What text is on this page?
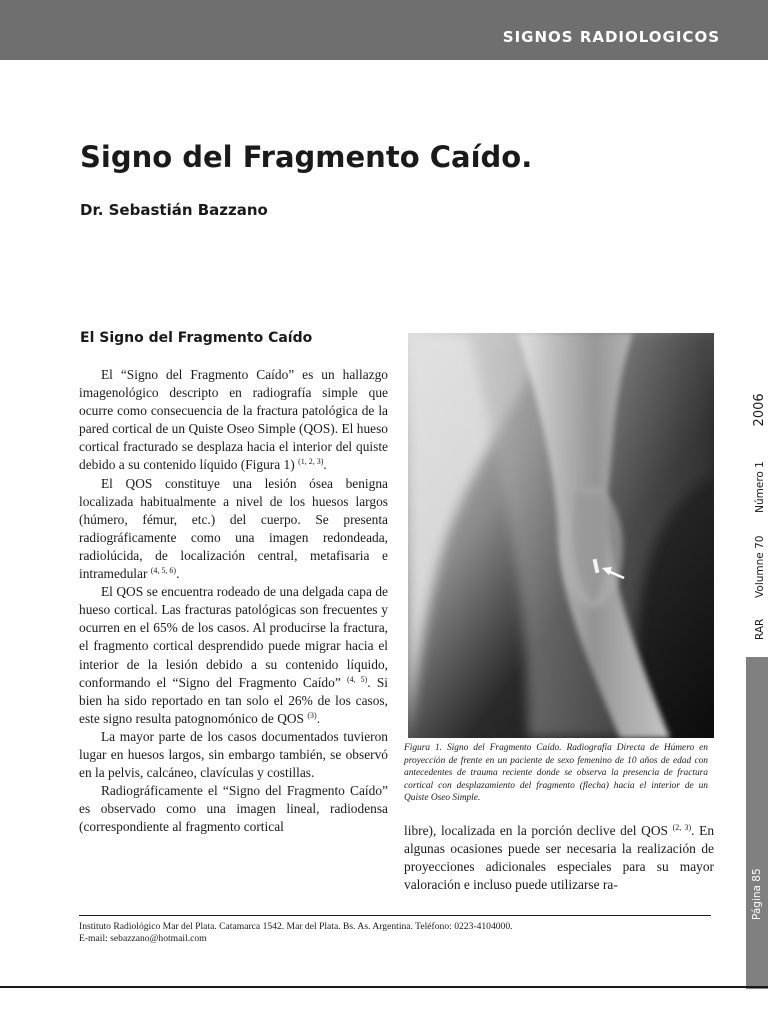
SIGNOS RADIOLOGICOS
Signo del Fragmento Caído.
Dr. Sebastián Bazzano
El Signo del Fragmento Caído

El “Signo del Fragmento Caído” es un hallazgo imagenológico descripto en radiografía simple que ocurre como consecuencia de la fractura patológica de la pared cortical de un Quiste Oseo Simple (QOS). El hueso cortical fracturado se desplaza hacia el interior del quiste debido a su contenido líquido (Figura 1) $^{(1, 2, 3)}$.

El QOS constituye una lesión ósea benigna localizada habitualmente a nivel de los huesos largos (húmero, fémur, etc.) del cuerpo. Se presenta radiográficamente como una imagen redondeada, radiolúcida, de localización central, metafisaria e intramedular $^{(4, 5, 6)}$.

El QOS se encuentra rodeado de una delgada capa de hueso cortical. Las fracturas patológicas son frecuentes y ocurren en el 65% de los casos. Al producirse la fractura, el fragmento cortical desprendido puede migrar hacia el interior de la lesión debido a su contenido líquido, conformando el “Signo del Fragmento Caído” $^{(4, 5)}$. Si bien ha sido reportado en tan solo el 26% de los casos, este signo resulta patognomónico de QOS $^{(3)}$.

La mayor parte de los casos documentados tuvieron lugar en huesos largos, sin embargo también, se observó en la pelvis, calcáneo, clavículas y costillas.

Radiográficamente el “Signo del Fragmento Caído” es observado como una imagen lineal, radiodensa (correspondiente al fragmento cortical

Figura 1. Signo del Fragmento Caído. Radiografía Directa de Húmero en proyección de frente en un paciente de sexo femenino de 10 años de edad con antecedentes de trauma reciente donde se observa la presencia de fractura cortical con desplazamiento del fragmento (flecha) hacia el interior de un Quiste Oseo Simple.

libre), localizada en la porción declive del QOS $^{(2, 3)}$. En algunas ocasiones puede ser necesaria la realización de proyecciones adicionales especiales para su mayor valoración e incluso puede utilizarse ra-

RAR  Volumne 70  Número 1  2006
Página 85
Instituto Radiológico Mar del Plata. Catamarca 1542. Mar del Plata. Bs. As. Argentina. Teléfono: 0223-4104000.
E-mail: sebazzano@hotmail.com
